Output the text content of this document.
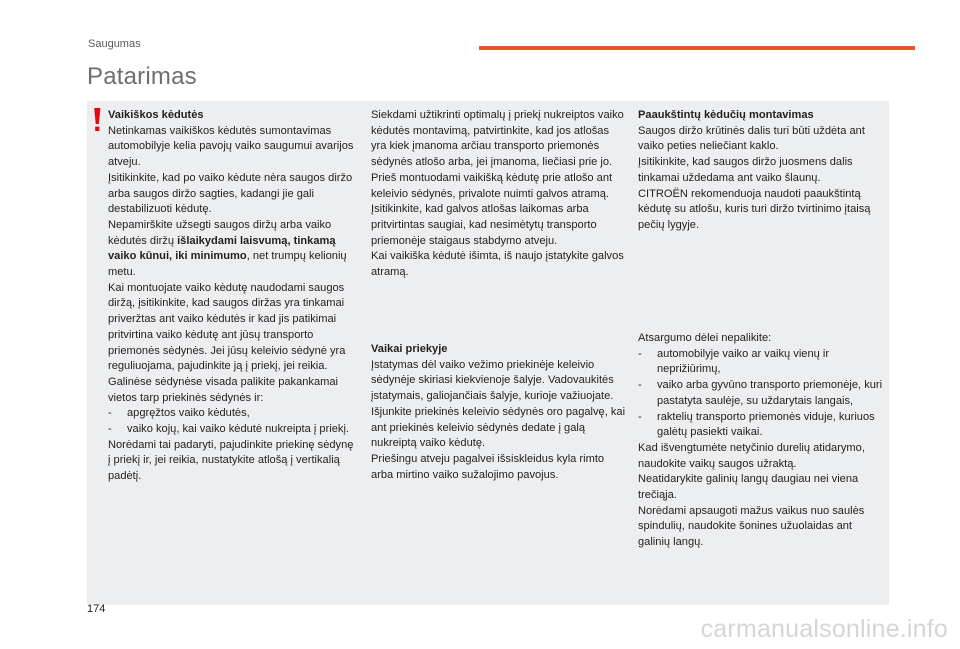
Saugumas
Patarimas
Vaikiškos kėdutės

Netinkamas vaikiškos kėdutės sumontavimas automobilyje kelia pavojų vaiko saugumui avarijos atveju.

Įsitikinkite, kad po vaiko kėdute nėra saugos diržo arba saugos diržo sagties, kadangi jie gali destabilizuoti kėdutę.

Nepamirškite užsegti saugos diržų arba vaiko kėdutės diržų išlaikydami laisvumą, tinkamą vaiko kūnui, iki minimumo, net trumpų kelionių metu.

Kai montuojate vaiko kėdutę naudodami saugos diržą, įsitikinkite, kad saugos diržas yra tinkamai priveržtas ant vaiko kėdutės ir kad jis patikimai pritvirtina vaiko kėdutę ant jūsų transporto priemonės sėdynės. Jei jūsų keleivio sėdynė yra reguliuojama, pajudinkite ją į priekį, jei reikia.

Galinėse sėdynėse visada palikite pakankamai vietos tarp priekinės sėdynės ir:

- apgręžtos vaiko kėdutės,
- vaiko kojų, kai vaiko kėdutė nukreipta į priekį.

Norėdami tai padaryti, pajudinkite priekinę sėdynę į priekį ir, jei reikia, nustatykite atlošą į vertikalią padėtį.

Siekdami užtikrinti optimalų į priekį nukreiptos vaiko kėdutės montavimą, patvirtinkite, kad jos atlošas yra kiek įmanoma arčiau transporto priemonės sėdynės atlošo arba, jei įmanoma, liečiasi prie jo.

Prieš montuodami vaikišką kėdutę prie atlošo ant keleivio sėdynės, privalote nuimti galvos atramą.

Įsitikinkite, kad galvos atlošas laikomas arba pritvirtintas saugiai, kad nesimėtytų transporto priemonėje staigaus stabdymo atveju.

Kai vaikiška kėdutė išimta, iš naujo įstatykite galvos atramą.

Vaikai priekyje

Įstatymas dėl vaiko vežimo priekinėje keleivio sėdynėje skiriasi kiekvienoje šalyje. Vadovaukitės įstatymais, galiojančiais šalyje, kurioje važiuojate.

Išjunkite priekinės keleivio sėdynės oro pagalvę, kai ant priekinės keleivio sėdynės dedate į galą nukreiptą vaiko kėdutę.

Priešingu atveju pagalvei išsiskleidus kyla rimto arba mirtino vaiko sužalojimo pavojus.

Paaukštintų kėdučių montavimas

Saugos diržo krūtinės dalis turi būti uždėta ant vaiko peties neliečiant kaklo.

Įsitikinkite, kad saugos diržo juosmens dalis tinkamai uždedama ant vaiko šlaunų.

CITROËN rekomenduoja naudoti paaukštintą kėdutę su atlošu, kuris turi diržo tvirtinimo įtaisą pečių lygyje.

Atsargumo dėlei nepalikite:

- automobilyje vaiko ar vaikų vienų ir neprižiūrimų,
- vaiko arba gyvūno transporto priemonėje, kuri pastatyta saulėje, su uždarytais langais,
- raktelių transporto priemonės viduje, kuriuos galėtų pasiekti vaikai.

Kad išvengtumėte netyčinio durelių atidarymo, naudokite vaikų saugos užraktą.

Neatidarykite galinių langų daugiau nei viena trečiąja.

Norėdami apsaugoti mažus vaikus nuo saulės spindulių, naudokite šonines užuolaidas ant galinių langų.

174
carmanualsonline.info
